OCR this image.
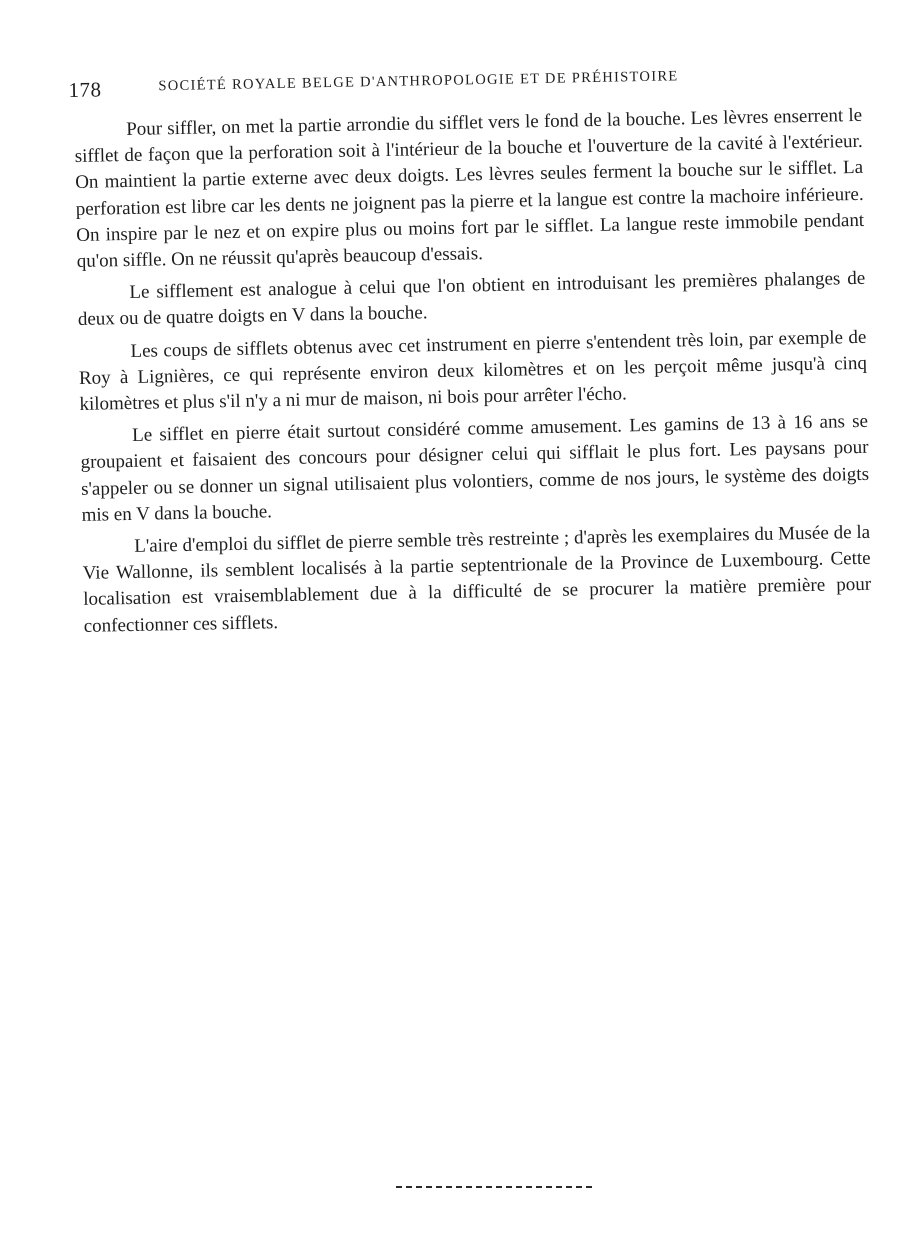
178	SOCIÉTÉ ROYALE BELGE D'ANTHROPOLOGIE ET DE PRÉHISTOIRE

Pour siffler, on met la partie arrondie du sifflet vers le fond de la bouche. Les lèvres enserrent le sifflet de façon que la perforation soit à l'intérieur de la bouche et l'ouverture de la cavité à l'extérieur. On maintient la partie externe avec deux doigts. Les lèvres seules ferment la bouche sur le sifflet. La perforation est libre car les dents ne joignent pas la pierre et la langue est contre la machoire inférieure. On inspire par le nez et on expire plus ou moins fort par le sifflet. La langue reste immobile pendant qu'on siffle. On ne réussit qu'après beaucoup d'essais.

Le sifflement est analogue à celui que l'on obtient en introduisant les premières phalanges de deux ou de quatre doigts en V dans la bouche.

Les coups de sifflets obtenus avec cet instrument en pierre s'entendent très loin, par exemple de Roy à Lignières, ce qui représente environ deux kilomètres et on les perçoit même jusqu'à cinq kilomètres et plus s'il n'y a ni mur de maison, ni bois pour arrêter l'écho.

Le sifflet en pierre était surtout considéré comme amusement. Les gamins de 13 à 16 ans se groupaient et faisaient des concours pour désigner celui qui sifflait le plus fort. Les paysans pour s'appeler ou se donner un signal utilisaient plus volontiers, comme de nos jours, le système des doigts mis en V dans la bouche.

L'aire d'emploi du sifflet de pierre semble très restreinte ; d'après les exemplaires du Musée de la Vie Wallonne, ils semblent localisés à la partie septentrionale de la Province de Luxembourg. Cette localisation est vraisemblablement due à la difficulté de se procurer la matière première pour confectionner ces sifflets.
